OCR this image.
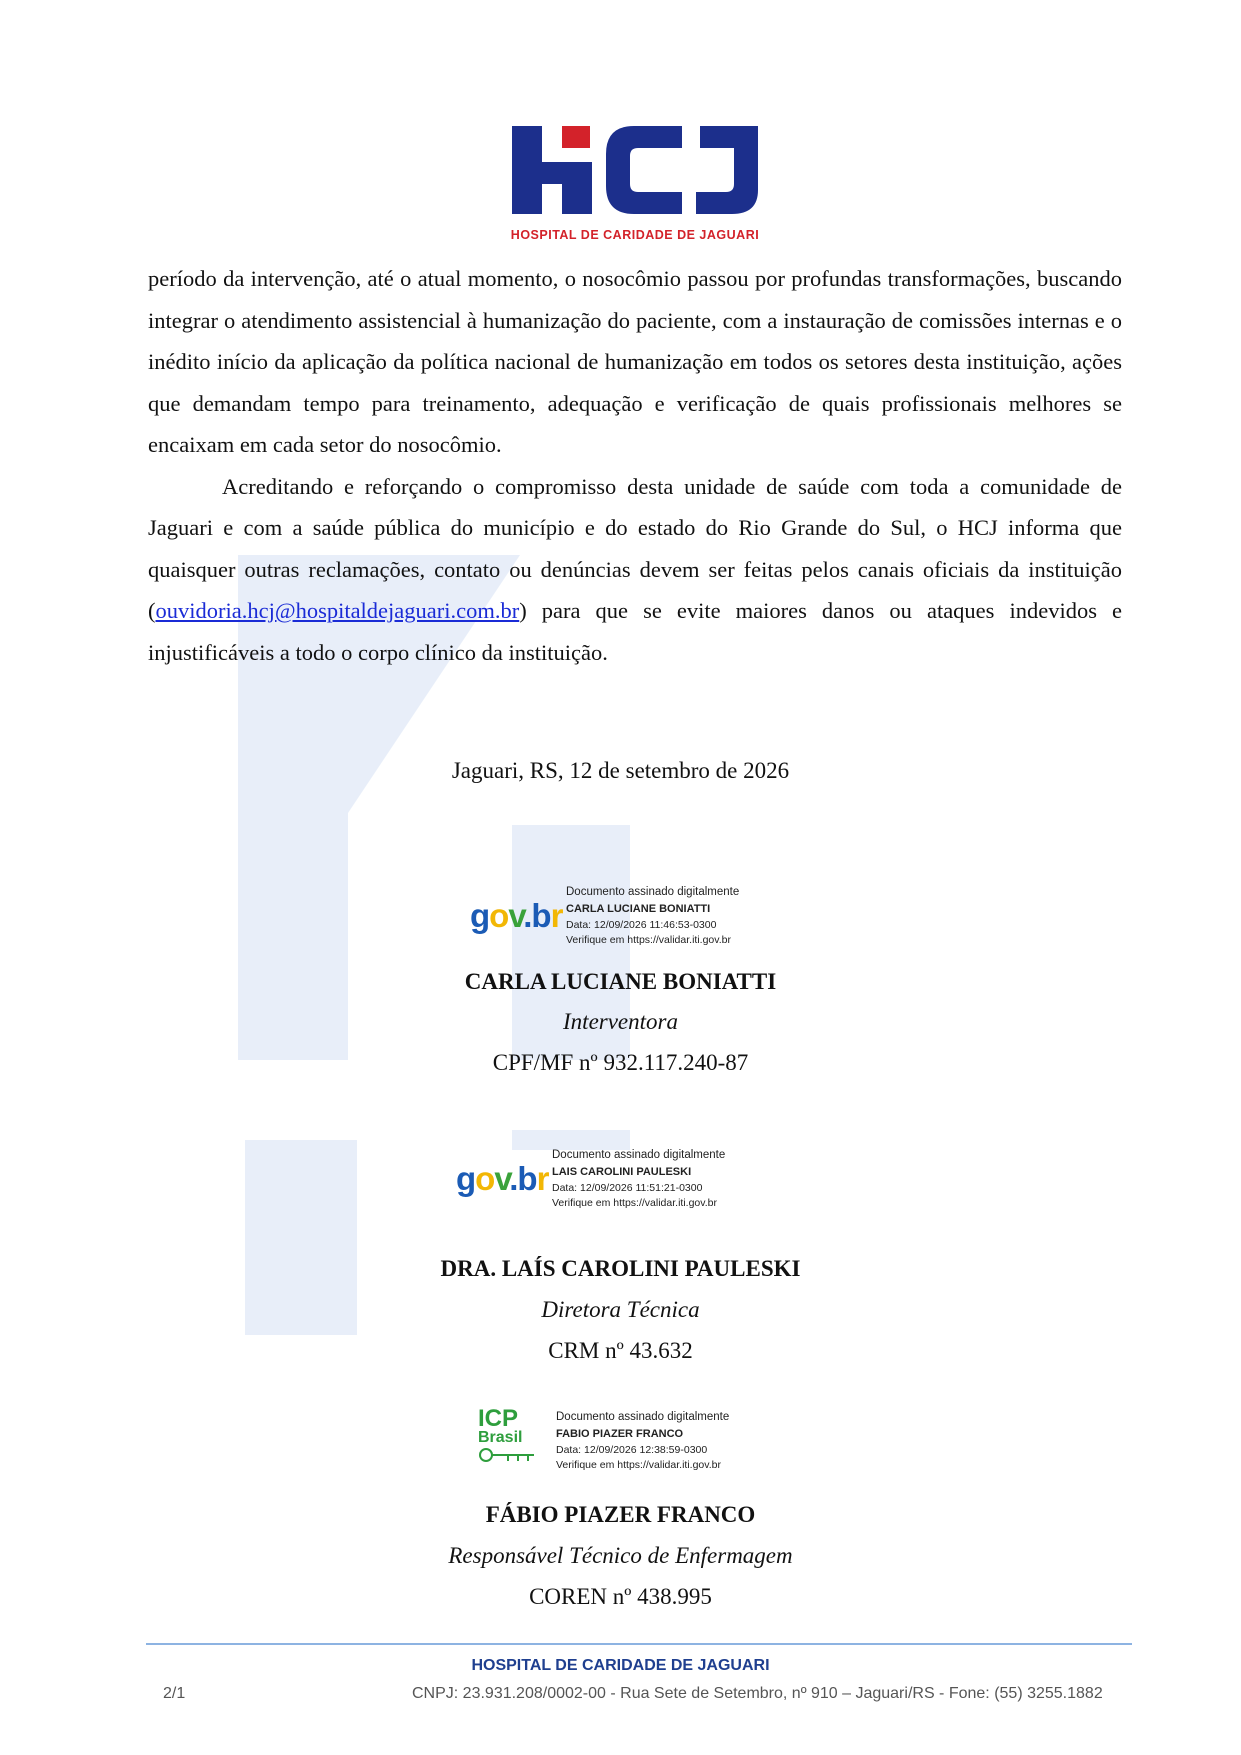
HOSPITAL DE CARIDADE DE JAGUARI

período da intervenção, até o atual momento, o nosocômio passou por profundas transformações, buscando integrar o atendimento assistencial à humanização do paciente, com a instauração de comissões internas e o inédito início da aplicação da política nacional de humanização em todos os setores desta instituição, ações que demandam tempo para treinamento, adequação e verificação de quais profissionais melhores se encaixam em cada setor do nosocômio.

Acreditando e reforçando o compromisso desta unidade de saúde com toda a comunidade de Jaguari e com a saúde pública do município e do estado do Rio Grande do Sul, o HCJ informa que quaisquer outras reclamações, contato ou denúncias devem ser feitas pelos canais oficiais da instituição (ouvidoria.hcj@hospitaldejaguari.com.br) para que se evite maiores danos ou ataques indevidos e injustificáveis a todo o corpo clínico da instituição.

Jaguari, RS, 12 de setembro de 2026
gov.br
Documento assinado digitalmente
CARLA LUCIANE BONIATTI
Data: 12/09/2026 11:46:53-0300
Verifique em https://validar.iti.gov.br
CARLA LUCIANE BONIATTI
Interventora
CPF/MF nº 932.117.240-87
gov.br
Documento assinado digitalmente
LAIS CAROLINI PAULESKI
Data: 12/09/2026 11:51:21-0300
Verifique em https://validar.iti.gov.br
DRA. LAÍS CAROLINI PAULESKI
Diretora Técnica
CRM nº 43.632
ICP
Brasil
Documento assinado digitalmente
FABIO PIAZER FRANCO
Data: 12/09/2026 12:38:59-0300
Verifique em https://validar.iti.gov.br
FÁBIO PIAZER FRANCO
Responsável Técnico de Enfermagem
COREN nº 438.995
HOSPITAL DE CARIDADE DE JAGUARI
2/1	CNPJ: 23.931.208/0002-00 - Rua Sete de Setembro, nº 910 – Jaguari/RS - Fone: (55) 3255.1882
